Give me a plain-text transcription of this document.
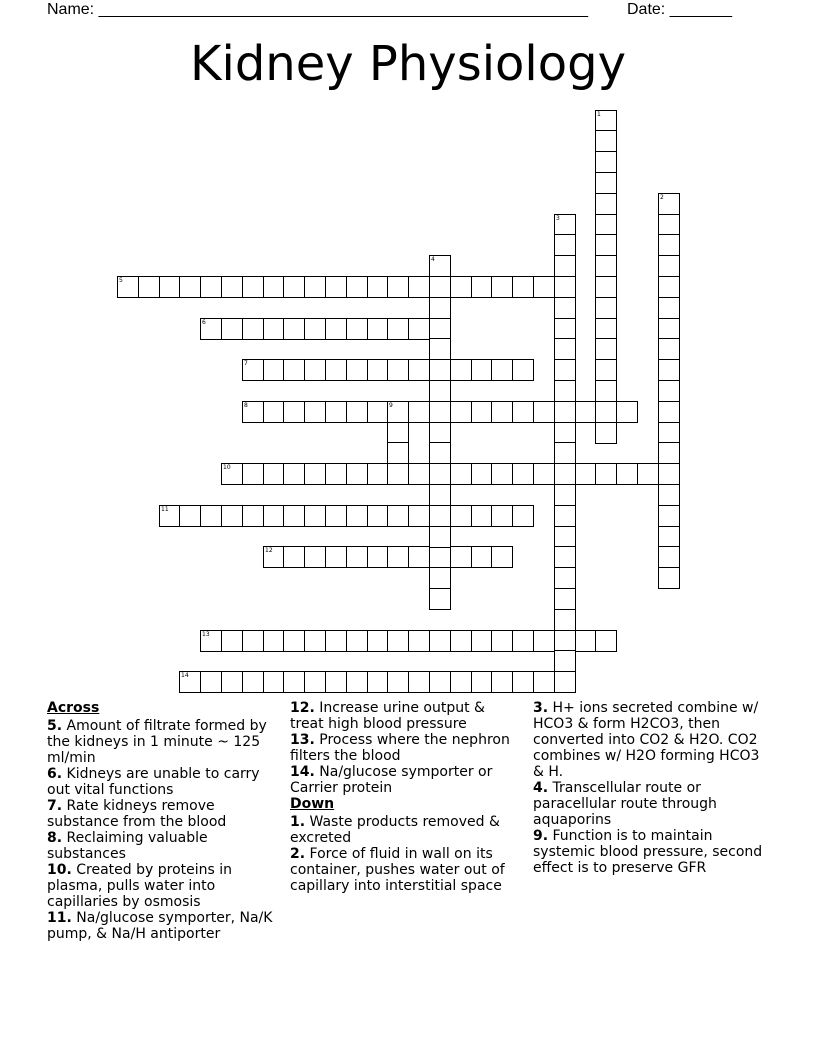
Name: _______________________________________________________ Date: _______
Kidney Physiology
5
6
7
8	9
10
11
12
13
14
1
2
3
4
Across
5. Amount of filtrate formed by the kidneys in 1 minute ~ 125 ml/min
6. Kidneys are unable to carry out vital functions
7. Rate kidneys remove substance from the blood
8. Reclaiming valuable substances
10. Created by proteins in plasma, pulls water into capillaries by osmosis
11. Na/glucose symporter, Na/K pump, & Na/H antiporter
12. Increase urine output & treat high blood pressure
13. Process where the nephron filters the blood
14. Na/glucose symporter or Carrier protein
Down
1. Waste products removed & excreted
2. Force of fluid in wall on its container, pushes water out of capillary into interstitial space
3. H+ ions secreted combine w/ HCO3 & form H2CO3, then converted into CO2 & H2O. CO2 combines w/ H2O forming HCO3 & H.
4. Transcellular route or paracellular route through aquaporins
9. Function is to maintain systemic blood pressure, second effect is to preserve GFR
